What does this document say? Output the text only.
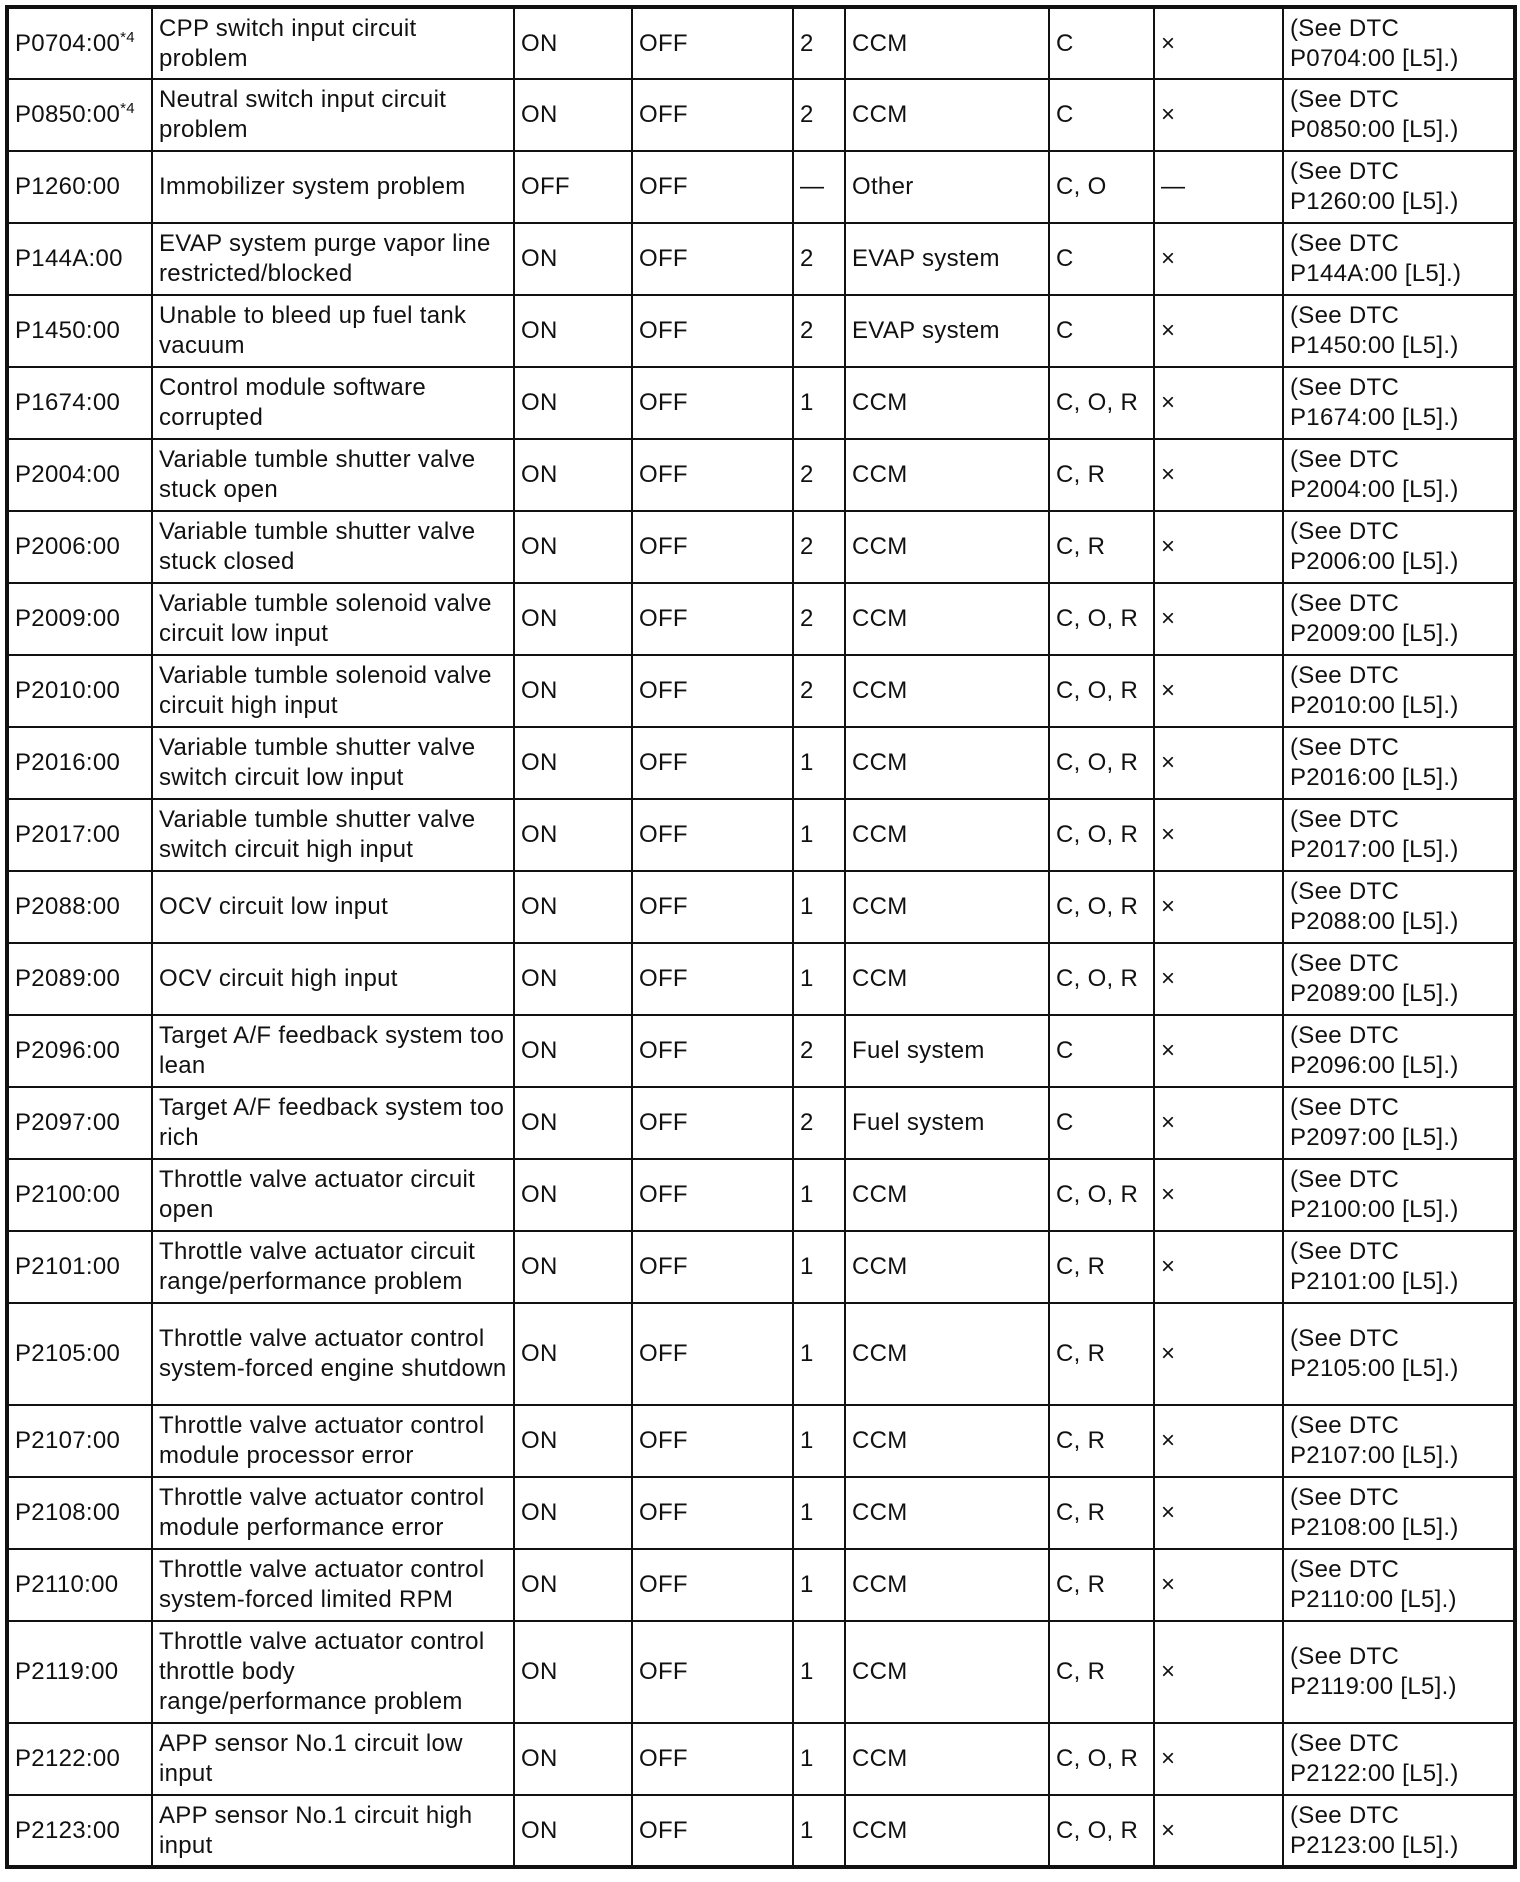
P0704:00$^{*4}$	CPP switch input circuit problem	ON	OFF	2	CCM	C	×	(See DTC P0704:00 [L5].)
P0850:00$^{*4}$	Neutral switch input circuit problem	ON	OFF	2	CCM	C	×	(See DTC P0850:00 [L5].)
P1260:00	Immobilizer system problem	OFF	OFF	—	Other	C, O	—	(See DTC P1260:00 [L5].)
P144A:00	EVAP system purge vapor line restricted/blocked	ON	OFF	2	EVAP system	C	×	(See DTC P144A:00 [L5].)
P1450:00	Unable to bleed up fuel tank vacuum	ON	OFF	2	EVAP system	C	×	(See DTC P1450:00 [L5].)
P1674:00	Control module software corrupted	ON	OFF	1	CCM	C, O, R	×	(See DTC P1674:00 [L5].)
P2004:00	Variable tumble shutter valve stuck open	ON	OFF	2	CCM	C, R	×	(See DTC P2004:00 [L5].)
P2006:00	Variable tumble shutter valve stuck closed	ON	OFF	2	CCM	C, R	×	(See DTC P2006:00 [L5].)
P2009:00	Variable tumble solenoid valve circuit low input	ON	OFF	2	CCM	C, O, R	×	(See DTC P2009:00 [L5].)
P2010:00	Variable tumble solenoid valve circuit high input	ON	OFF	2	CCM	C, O, R	×	(See DTC P2010:00 [L5].)
P2016:00	Variable tumble shutter valve switch circuit low input	ON	OFF	1	CCM	C, O, R	×	(See DTC P2016:00 [L5].)
P2017:00	Variable tumble shutter valve switch circuit high input	ON	OFF	1	CCM	C, O, R	×	(See DTC P2017:00 [L5].)
P2088:00	OCV circuit low input	ON	OFF	1	CCM	C, O, R	×	(See DTC P2088:00 [L5].)
P2089:00	OCV circuit high input	ON	OFF	1	CCM	C, O, R	×	(See DTC P2089:00 [L5].)
P2096:00	Target A/F feedback system too lean	ON	OFF	2	Fuel system	C	×	(See DTC P2096:00 [L5].)
P2097:00	Target A/F feedback system too rich	ON	OFF	2	Fuel system	C	×	(See DTC P2097:00 [L5].)
P2100:00	Throttle valve actuator circuit open	ON	OFF	1	CCM	C, O, R	×	(See DTC P2100:00 [L5].)
P2101:00	Throttle valve actuator circuit range/performance problem	ON	OFF	1	CCM	C, R	×	(See DTC P2101:00 [L5].)
P2105:00	Throttle valve actuator control system-forced engine shutdown	ON	OFF	1	CCM	C, R	×	(See DTC P2105:00 [L5].)
P2107:00	Throttle valve actuator control module processor error	ON	OFF	1	CCM	C, R	×	(See DTC P2107:00 [L5].)
P2108:00	Throttle valve actuator control module performance error	ON	OFF	1	CCM	C, R	×	(See DTC P2108:00 [L5].)
P2110:00	Throttle valve actuator control system-forced limited RPM	ON	OFF	1	CCM	C, R	×	(See DTC P2110:00 [L5].)
P2119:00	Throttle valve actuator control throttle body range/performance problem	ON	OFF	1	CCM	C, R	×	(See DTC P2119:00 [L5].)
P2122:00	APP sensor No.1 circuit low input	ON	OFF	1	CCM	C, O, R	×	(See DTC P2122:00 [L5].)
P2123:00	APP sensor No.1 circuit high input	ON	OFF	1	CCM	C, O, R	×	(See DTC P2123:00 [L5].)
